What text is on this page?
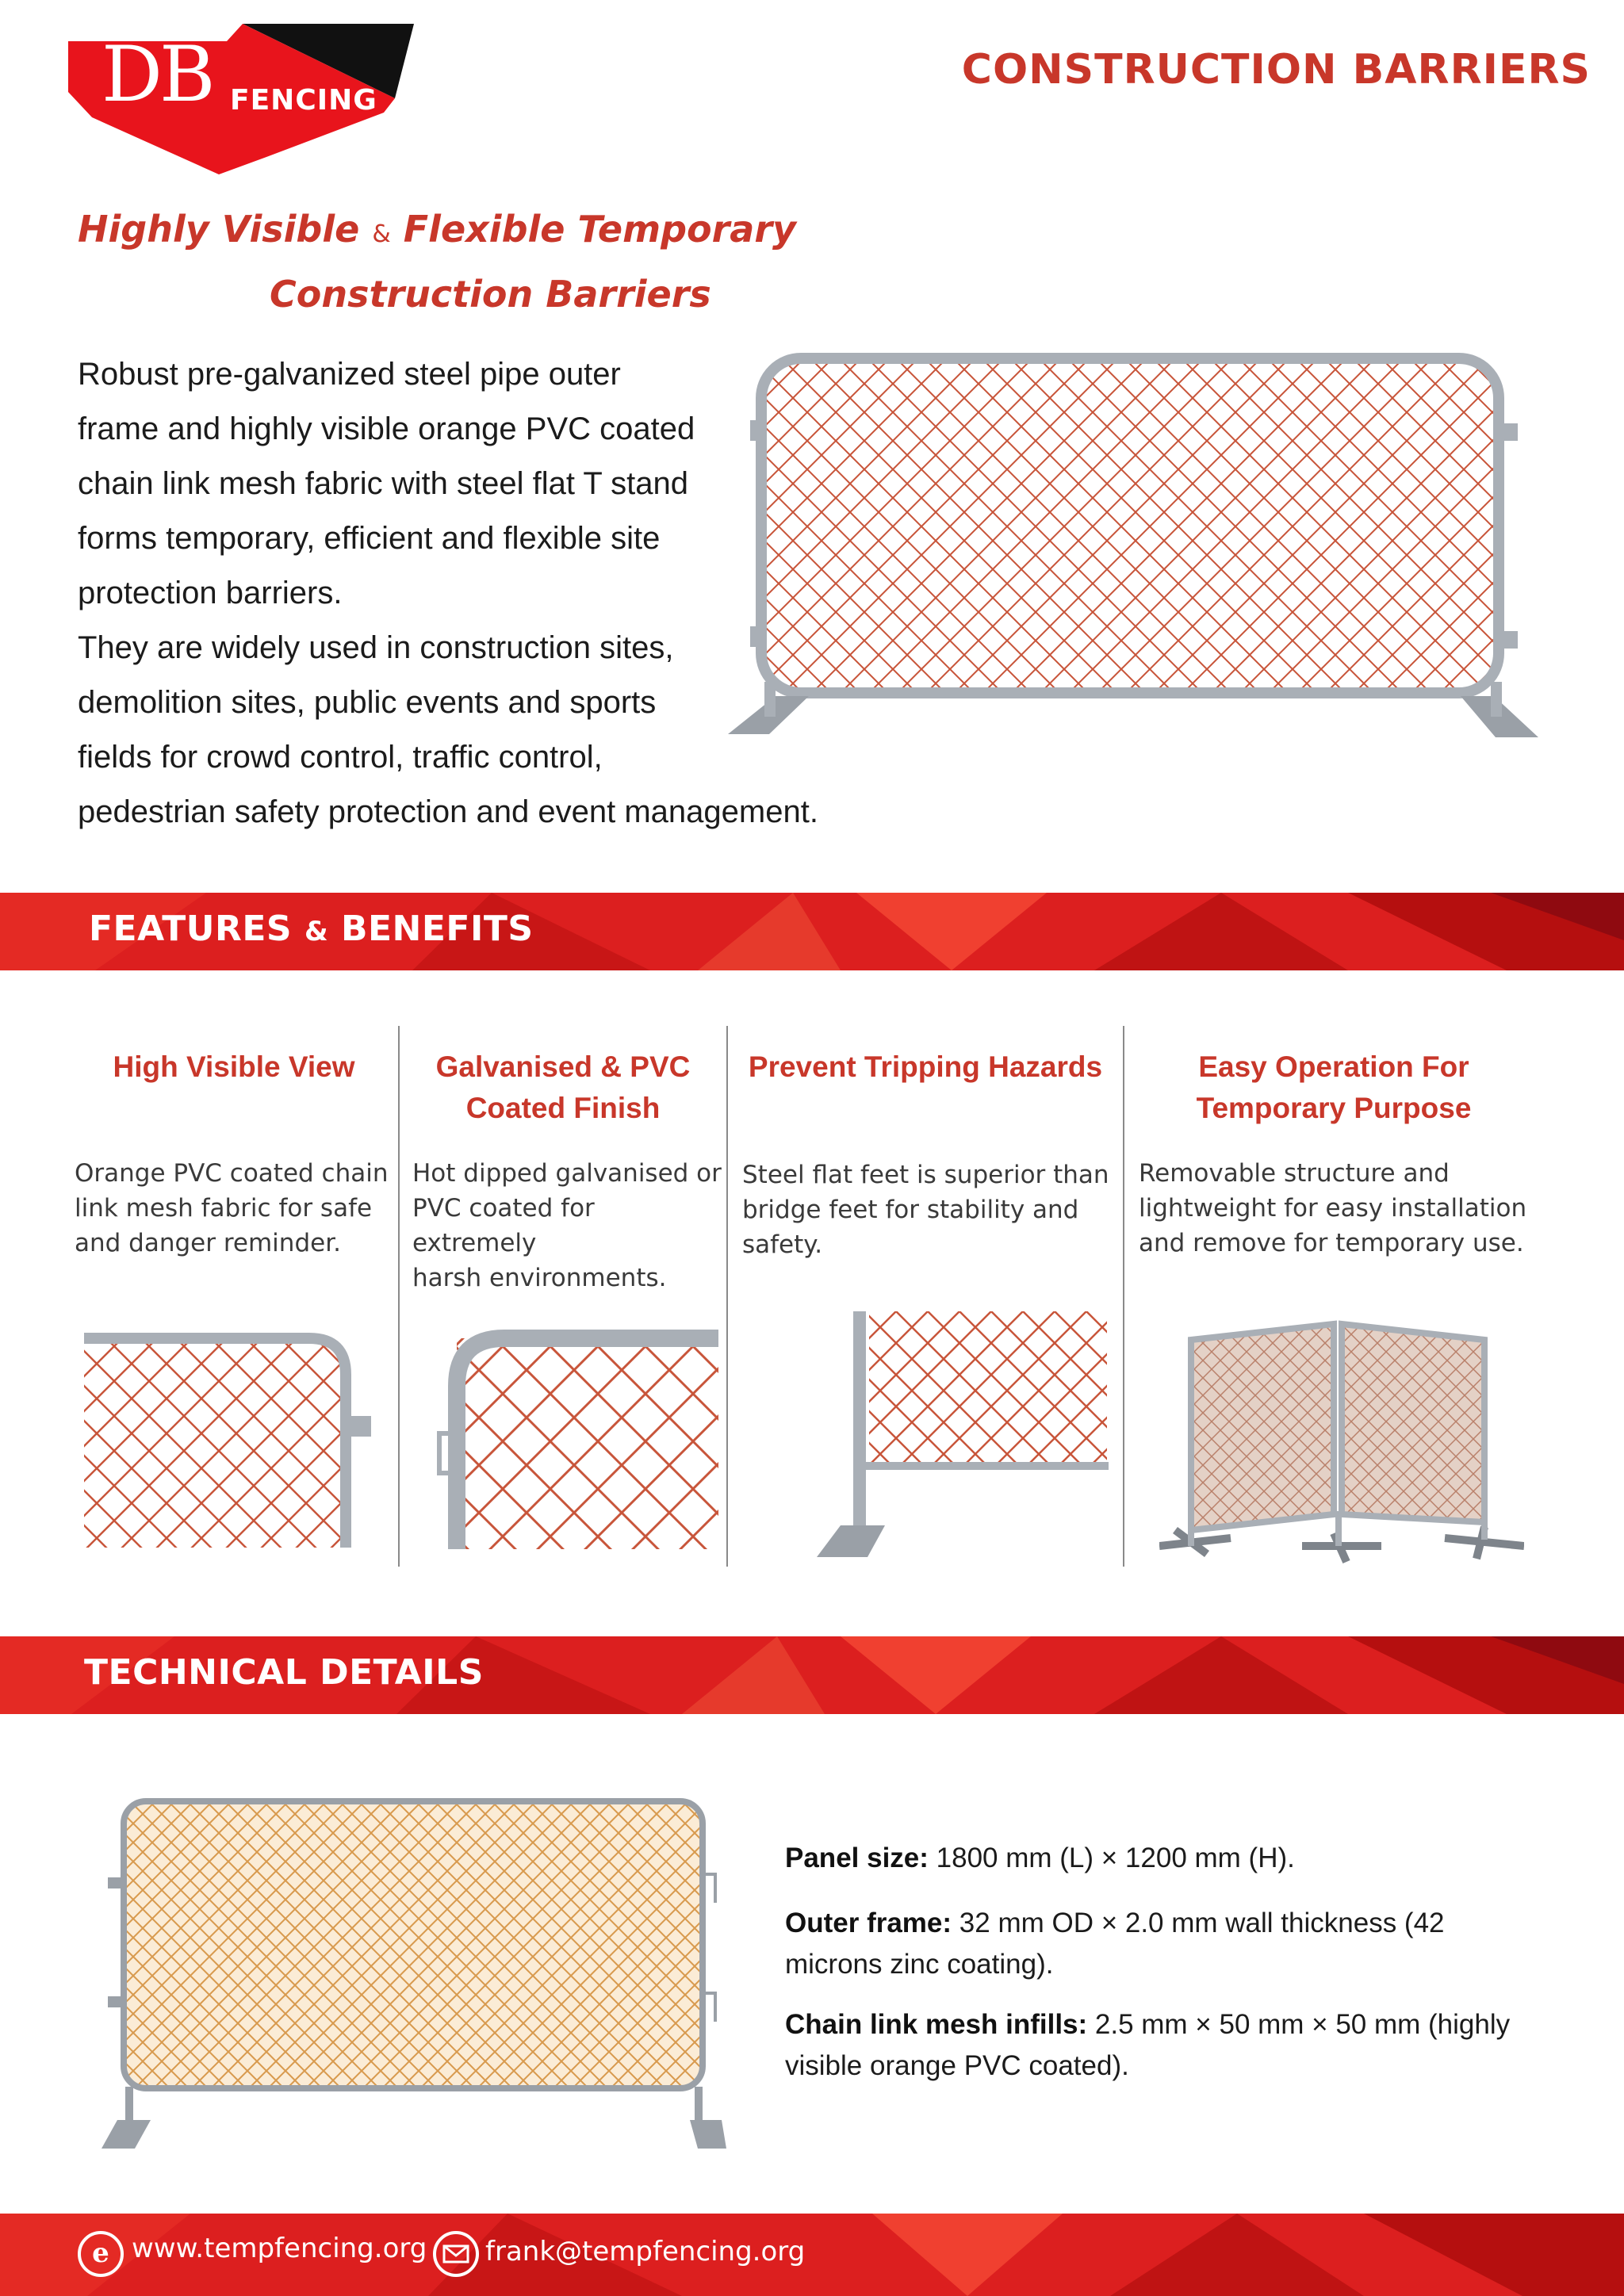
DB FENCING
CONSTRUCTION BARRIERS
Highly Visible & Flexible Temporary
Construction Barriers

Robust pre-galvanized steel pipe outer

frame and highly visible orange PVC coated

chain link mesh fabric with steel flat T stand

forms temporary, efficient and flexible site

protection barriers.

They are widely used in construction sites,

demolition sites, public events and sports

fields for crowd control, traffic control,

pedestrian safety protection and event management.

FEATURES & BENEFITS
High Visible View
Orange PVC coated chain
link mesh fabric for safe
and danger reminder.
Galvanised & PVC
Coated Finish
Hot dipped galvanised or
PVC coated for extremely
harsh environments.
Prevent Tripping Hazards
Steel flat feet is superior than
bridge feet for stability and
safety.
Easy Operation For
Temporary Purpose
Removable structure and
lightweight for easy installation
and remove for temporary use.
TECHNICAL DETAILS
Panel size: 1800 mm (L) × 1200 mm (H).
Outer frame: 32 mm OD × 2.0 mm wall thickness (42
microns zinc coating).
Chain link mesh infills: 2.5 mm × 50 mm × 50 mm (highly
visible orange PVC coated).
e www.tempfencing.org frank@tempfencing.org
